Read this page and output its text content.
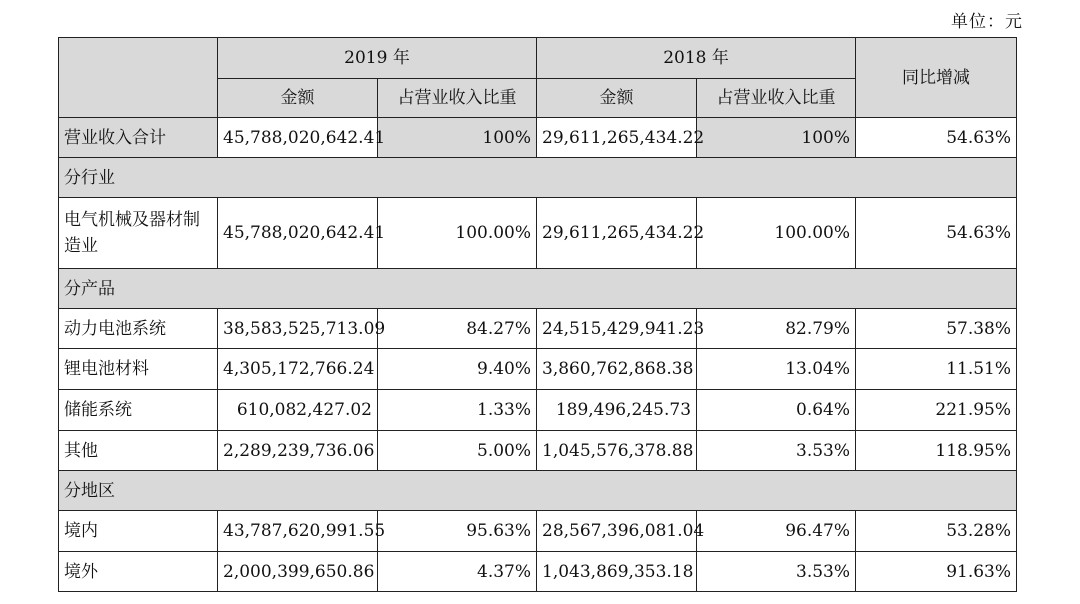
单位：元
	2019 年		2018 年		同比增减
	金额	占营业收入比重	金额	占营业收入比重	
营业收入合计	45,788,020,642.41	100%	29,611,265,434.22	100%	54.63%
分行业					
电气机械及器材制造业	45,788,020,642.41	100.00%	29,611,265,434.22	100.00%	54.63%
分产品					
动力电池系统	38,583,525,713.09	84.27%	24,515,429,941.23	82.79%	57.38%
锂电池材料	4,305,172,766.24	9.40%	3,860,762,868.38	13.04%	11.51%
储能系统	610,082,427.02	1.33%	189,496,245.73	0.64%	221.95%
其他	2,289,239,736.06	5.00%	1,045,576,378.88	3.53%	118.95%
分地区					
境内	43,787,620,991.55	95.63%	28,567,396,081.04	96.47%	53.28%
境外	2,000,399,650.86	4.37%	1,043,869,353.18	3.53%	91.63%
